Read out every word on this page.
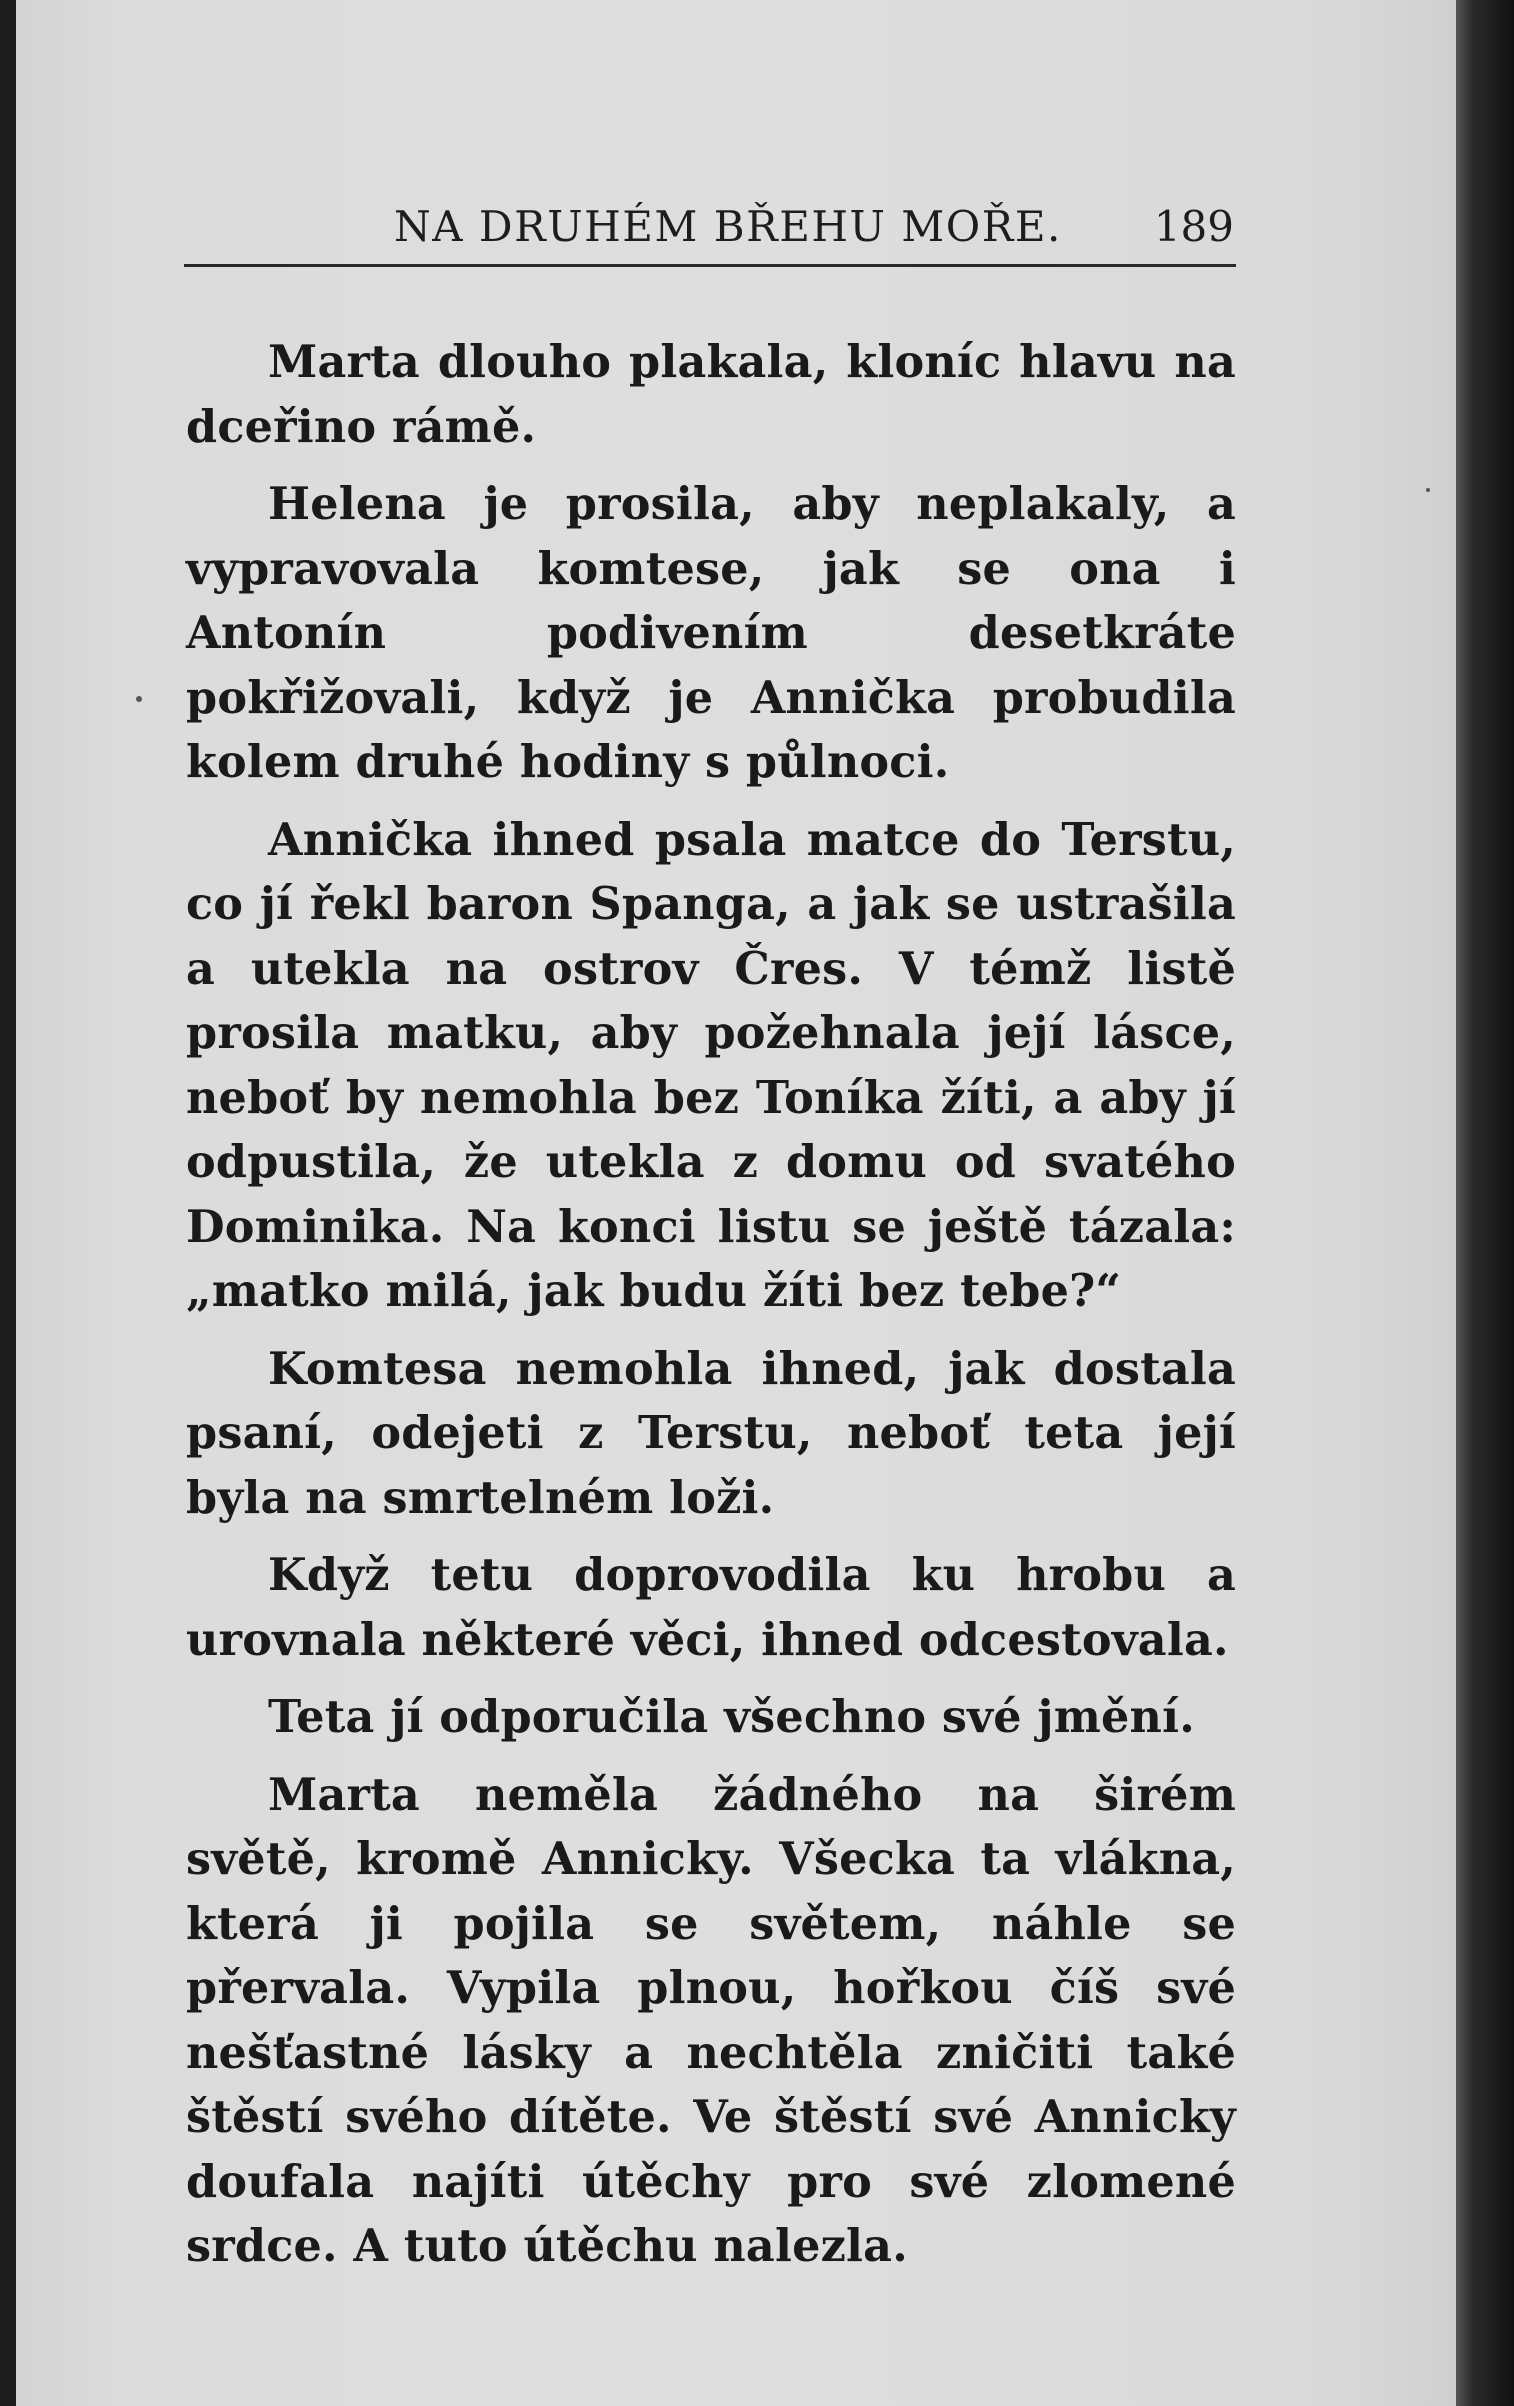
NA DRUHÉM BŘEHU MOŘE. 189

Marta dlouho plakala, kloníc hlavu na dceřino rámě.

Helena je prosila, aby neplakaly, a vypravovala komtese, jak se ona i Antonín podivením desetkráte pokřižovali, když je Annička probudila kolem druhé hodiny s půlnoci.

Annička ihned psala matce do Terstu, co jí řekl baron Spanga, a jak se ustrašila a utekla na ostrov Čres. V témž listě prosila matku, aby požehnala její lásce, neboť by nemohla bez Toníka žíti, a aby jí odpustila, že utekla z domu od svatého Dominika. Na konci listu se ještě tázala: „matko milá, jak budu žíti bez tebe?“

Komtesa nemohla ihned, jak dostala psaní, odejeti z Terstu, neboť teta její byla na smrtelném loži.

Když tetu doprovodila ku hrobu a urovnala některé věci, ihned odcestovala.

Teta jí odporučila všechno své jmění.

Marta neměla žádného na širém světě, kromě Annicky. Všecka ta vlákna, která ji pojila se světem, náhle se přervala. Vypila plnou, hořkou číš své nešťastné lásky a nechtěla zničiti také štěstí svého dítěte. Ve štěstí své Annicky doufala najíti útěchy pro své zlomené srdce. A tuto útěchu nalezla.
